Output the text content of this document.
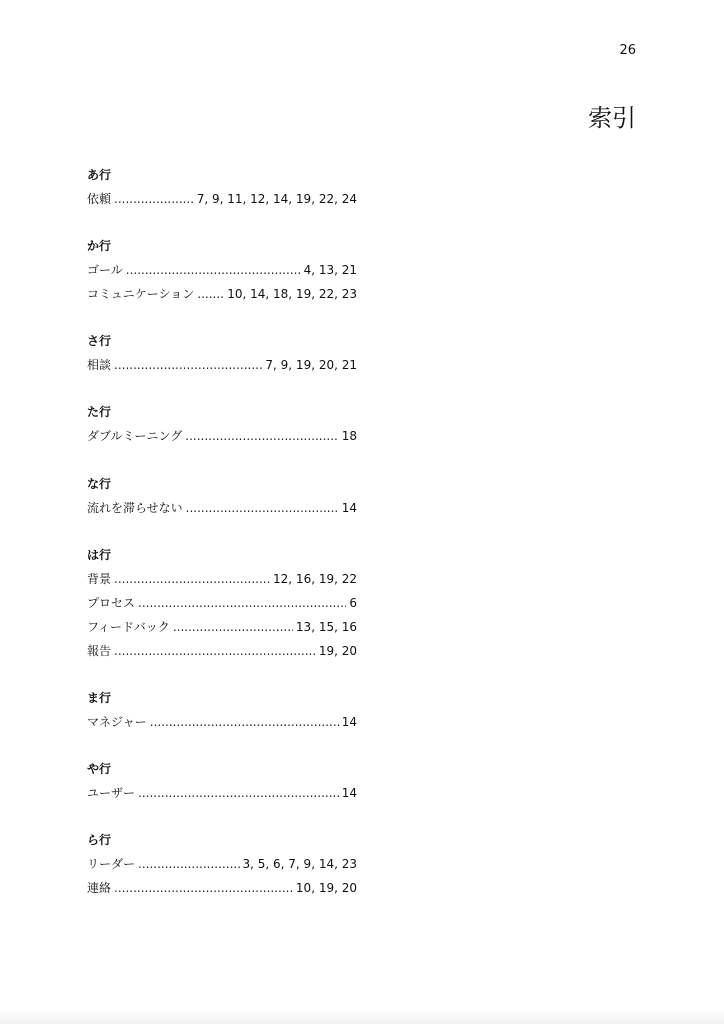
26
索引
あ行
依頼 .....	7, 9, 11, 12, 14, 19, 22, 24
か行
ゴール .....	4, 13, 21
コミュニケーション .....	10, 14, 18, 19, 22, 23
さ行
相談 .....	7, 9, 19, 20, 21
た行
ダブルミーニング .....	18
な行
流れを滞らせない .....	14
は行
背景 .....	12, 16, 19, 22
プロセス .....	6
フィードバック .....	13, 15, 16
報告 .....	19, 20
ま行
マネジャー .....	14
や行
ユーザー .....	14
ら行
リーダー .....	3, 5, 6, 7, 9, 14, 23
連絡 .....	10, 19, 20
